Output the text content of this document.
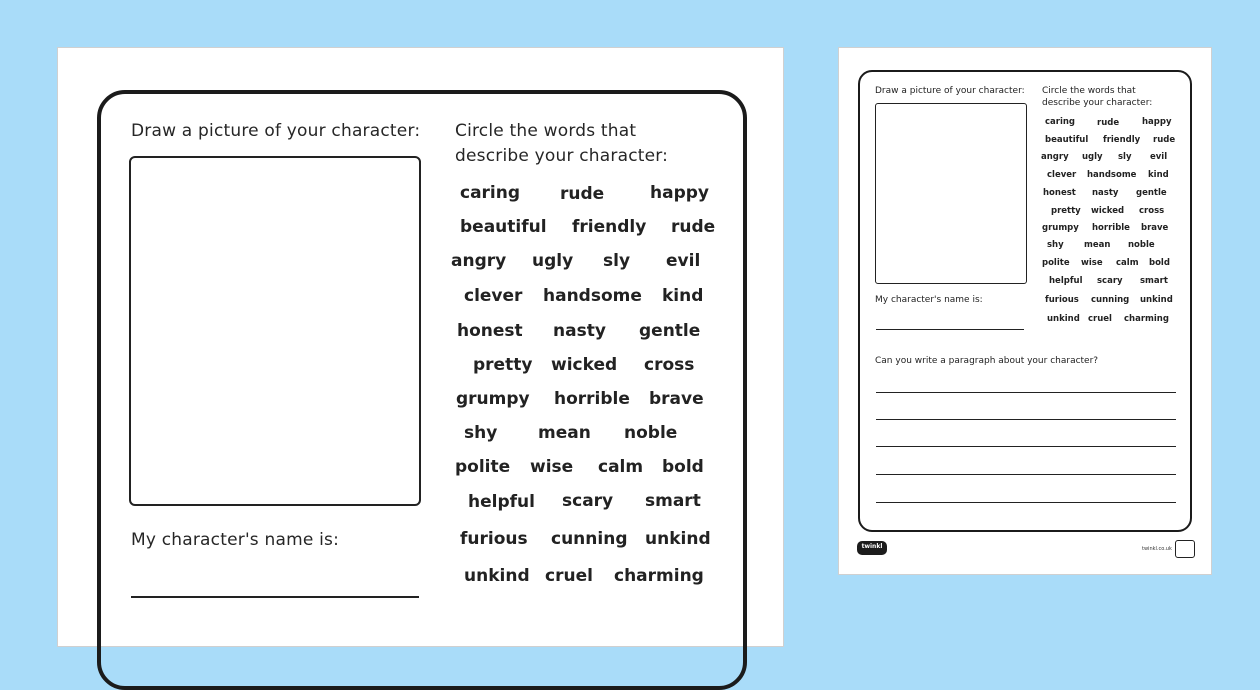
Draw a picture of your character: Circle the words that
describe your character:
My character's name is:
caring rude	happy
beautiful friendly rude
angry ugly sly evil
clever handsome kind
honest nasty gentle
pretty wicked cross
grumpy horrible brave
shy mean noble
polite wise calm bold
helpful scary smart
furious cunning unkind
unkind cruel charming
Draw a picture of your character: Circle the words that
describe your character:
My character's name is:
caring	rude	happy
beautiful friendly rude
angry ugly sly evil
clever handsome kind
honest nasty gentle
pretty wicked cross
grumpy horrible brave
shy mean noble
polite wise calm bold
helpful scary smart
furious cunning unkind
unkind cruel charming
Can you write a paragraph about your character?
twinkl	twinkl.co.uk
